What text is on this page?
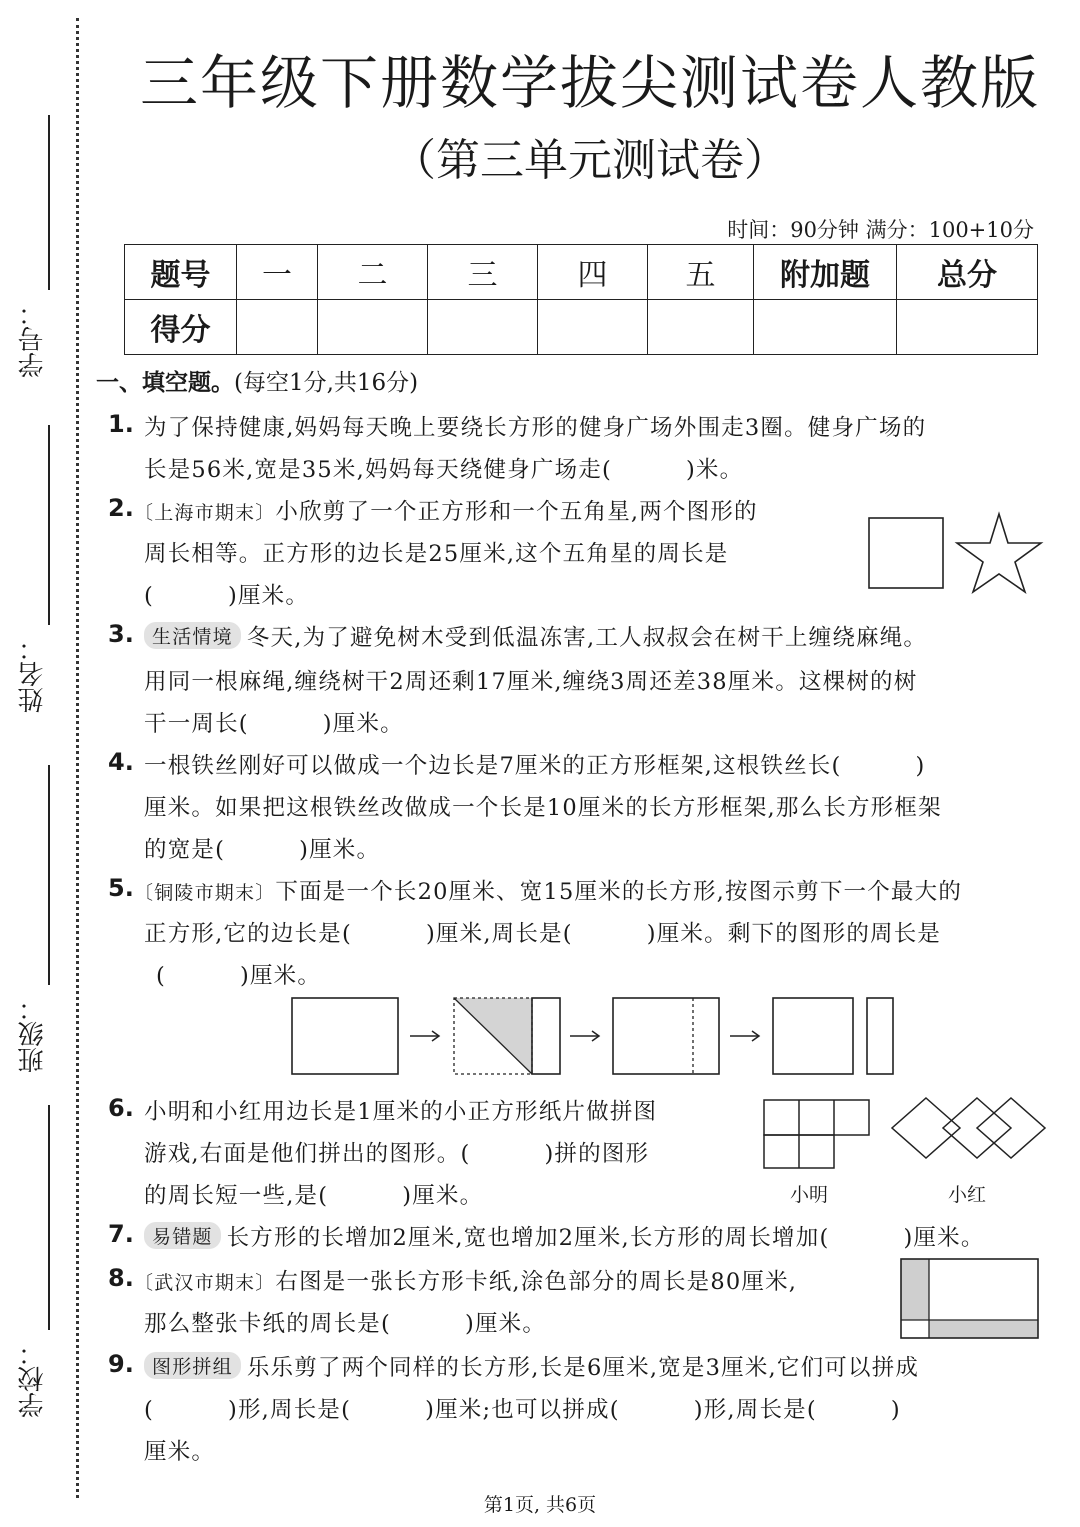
学号：
姓名：
班级：
学校：
三年级下册数学拔尖测试卷人教版
（第三单元测试卷）
时间：90分钟 满分：100+10分
题号	一	二	三	四	五	附加题	总分
得分							
一、填空题。(每空1分,共16分)
1. 为了保持健康,妈妈每天晚上要绕长方形的健身广场外围走3圈。健身广场的
长是56米,宽是35米,妈妈每天绕健身广场走(	)米。
2. 〔上海市期末〕小欣剪了一个正方形和一个五角星,两个图形的
周长相等。正方形的边长是25厘米,这个五角星的周长是
(	)厘米。
3. 生活情境 冬天,为了避免树木受到低温冻害,工人叔叔会在树干上缠绕麻绳。
用同一根麻绳,缠绕树干2周还剩17厘米,缠绕3周还差38厘米。这棵树的树
干一周长(	)厘米。
4. 一根铁丝刚好可以做成一个边长是7厘米的正方形框架,这根铁丝长(	)
厘米。如果把这根铁丝改做成一个长是10厘米的长方形框架,那么长方形框架
的宽是(	)厘米。
5. 〔铜陵市期末〕下面是一个长20厘米、宽15厘米的长方形,按图示剪下一个最大的
正方形,它的边长是(	)厘米,周长是(	)厘米。剩下的图形的周长是
(	)厘米。
6. 小明和小红用边长是1厘米的小正方形纸片做拼图
游戏,右面是他们拼出的图形。(	)拼的图形
的周长短一些,是(	)厘米。	小明	小红
7. 易错题 长方形的长增加2厘米,宽也增加2厘米,长方形的周长增加(	)厘米。
8. 〔武汉市期末〕右图是一张长方形卡纸,涂色部分的周长是80厘米,
那么整张卡纸的周长是(	)厘米。
9. 图形拼组 乐乐剪了两个同样的长方形,长是6厘米,宽是3厘米,它们可以拼成
(	)形,周长是(	)厘米;也可以拼成(	)形,周长是(	)
厘米。
第1页, 共6页
